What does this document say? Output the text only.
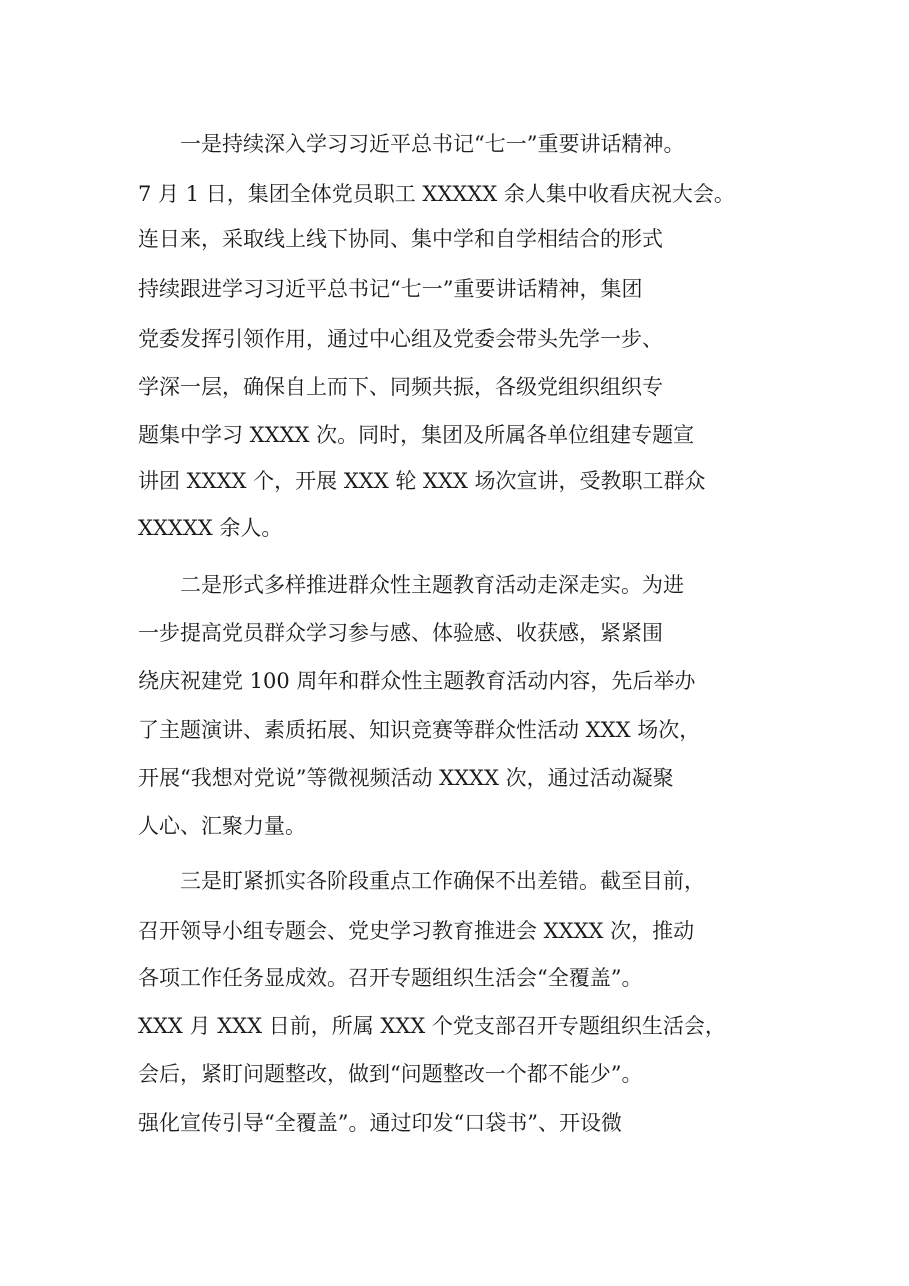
一是持续深入学习习近平总书记“七一”重要讲话精神。
7 月 1 日，集团全体党员职工 XXXXX 余人集中收看庆祝大会。
连日来，采取线上线下协同、集中学和自学相结合的形式
持续跟进学习习近平总书记“七一”重要讲话精神，集团
党委发挥引领作用，通过中心组及党委会带头先学一步、
学深一层，确保自上而下、同频共振，各级党组织组织专
题集中学习 XXXX 次。同时，集团及所属各单位组建专题宣
讲团 XXXX 个，开展 XXX 轮 XXX 场次宣讲，受教职工群众
XXXXX 余人。
二是形式多样推进群众性主题教育活动走深走实。为进
一步提高党员群众学习参与感、体验感、收获感，紧紧围
绕庆祝建党 100 周年和群众性主题教育活动内容，先后举办
了主题演讲、素质拓展、知识竞赛等群众性活动 XXX 场次，
开展“我想对党说”等微视频活动 XXXX 次，通过活动凝聚
人心、汇聚力量。
三是盯紧抓实各阶段重点工作确保不出差错。截至目前，
召开领导小组专题会、党史学习教育推进会 XXXX 次，推动
各项工作任务显成效。召开专题组织生活会“全覆盖”。
XXX 月 XXX 日前，所属 XXX 个党支部召开专题组织生活会，
会后，紧盯问题整改，做到“问题整改一个都不能少”。
强化宣传引导“全覆盖”。通过印发“口袋书”、开设微
